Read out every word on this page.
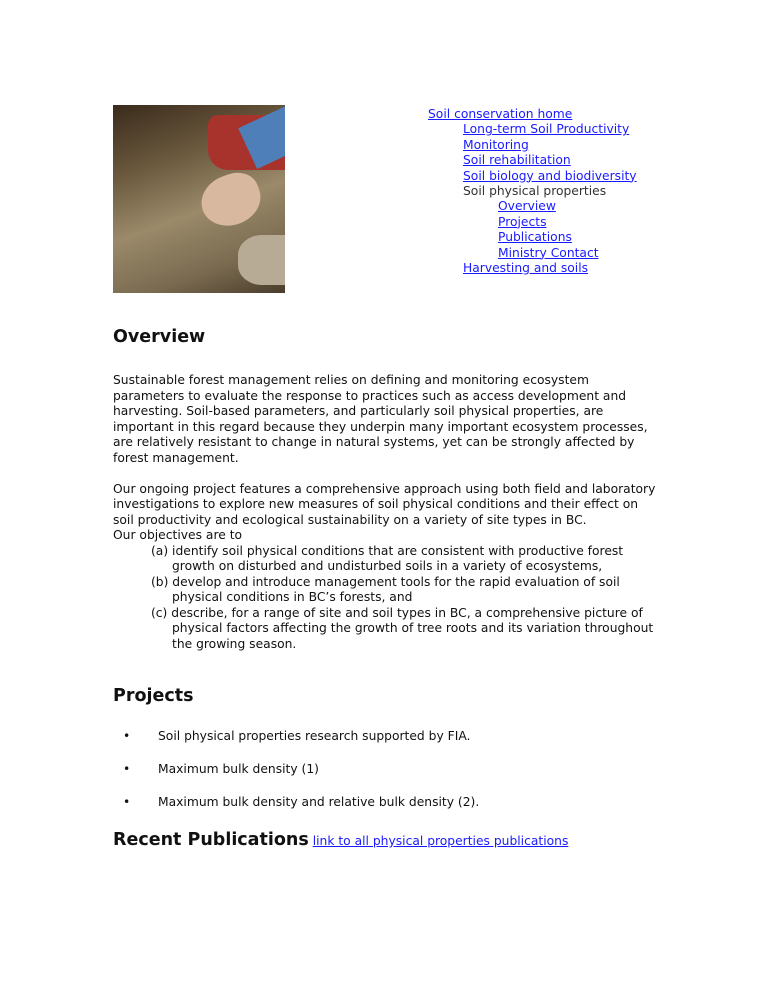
Soil conservation home
Long-term Soil Productivity
Monitoring
Soil rehabilitation
Soil biology and biodiversity
Soil physical properties
Overview
Projects
Publications
Ministry Contact
Harvesting and soils
Overview

Sustainable forest management relies on defining and monitoring ecosystem parameters to evaluate the response to practices such as access development and harvesting. Soil-based parameters, and particularly soil physical properties, are important in this regard because they underpin many important ecosystem processes, are relatively resistant to change in natural systems, yet can be strongly affected by forest management.

Our ongoing project features a comprehensive approach using both field and laboratory investigations to explore new measures of soil physical conditions and their effect on soil productivity and ecological sustainability on a variety of site types in BC.

Our objectives are to

(a) identify soil physical conditions that are consistent with productive forest growth on disturbed and undisturbed soils in a variety of ecosystems,

(b) develop and introduce management tools for the rapid evaluation of soil physical conditions in BC’s forests, and

(c) describe, for a range of site and soil types in BC, a comprehensive picture of physical factors affecting the growth of tree roots and its variation throughout the growing season.

Projects
• Soil physical properties research supported by FIA.
• Maximum bulk density (1)
• Maximum bulk density and relative bulk density (2).
Recent Publications link to all physical properties publications
